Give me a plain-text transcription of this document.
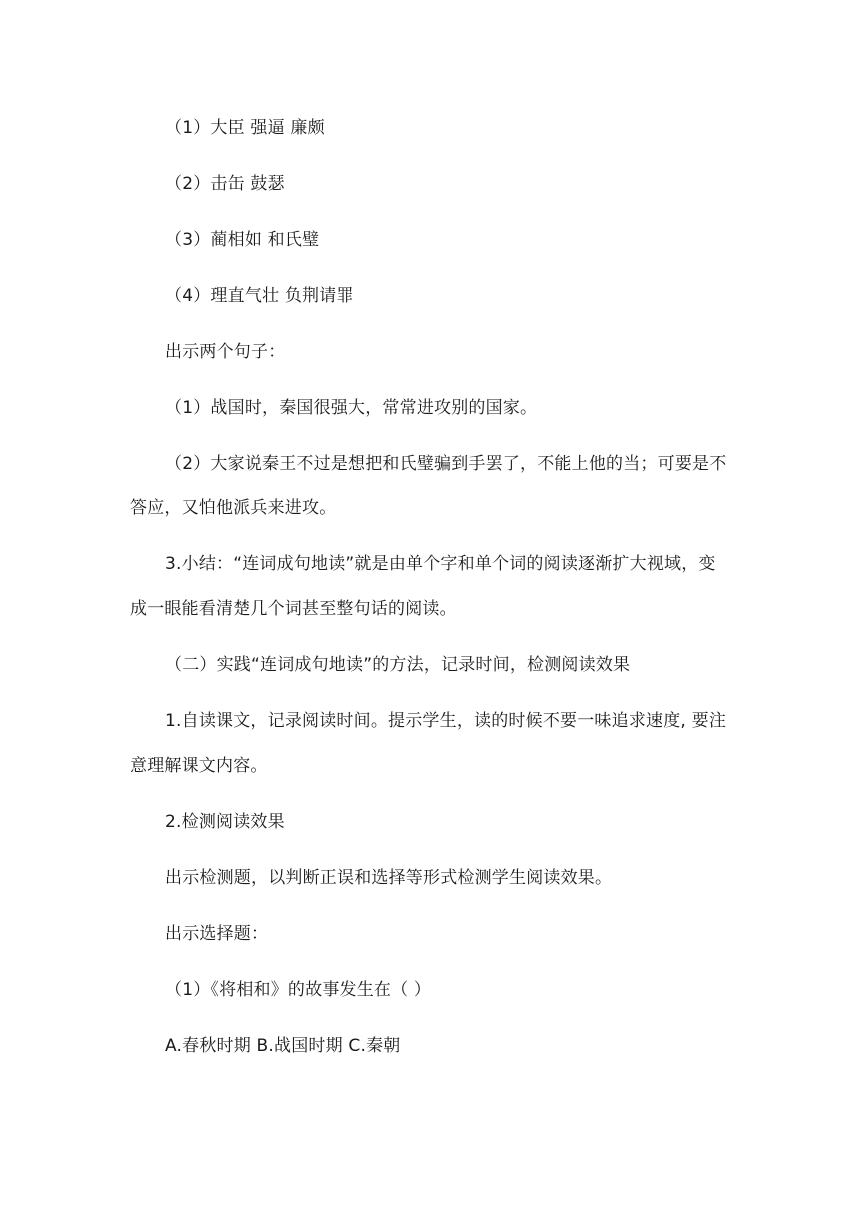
（1）大臣 强逼 廉颇
（2）击缶 鼓瑟
（3）蔺相如 和氏璧
（4）理直气壮 负荆请罪
出示两个句子：
（1）战国时，秦国很强大，常常进攻别的国家。
（2）大家说秦王不过是想把和氏璧骗到手罢了，不能上他的当；可要是不
答应，又怕他派兵来进攻。
3.小结：“连词成句地读”就是由单个字和单个词的阅读逐渐扩大视域，变
成一眼能看清楚几个词甚至整句话的阅读。
（二）实践“连词成句地读”的方法，记录时间，检测阅读效果
1.自读课文，记录阅读时间。提示学生，读的时候不要一味追求速度, 要注
意理解课文内容。
2.检测阅读效果
出示检测题，以判断正误和选择等形式检测学生阅读效果。
出示选择题：
（1）《将相和》的故事发生在（ ）
A.春秋时期 B.战国时期 C.秦朝
